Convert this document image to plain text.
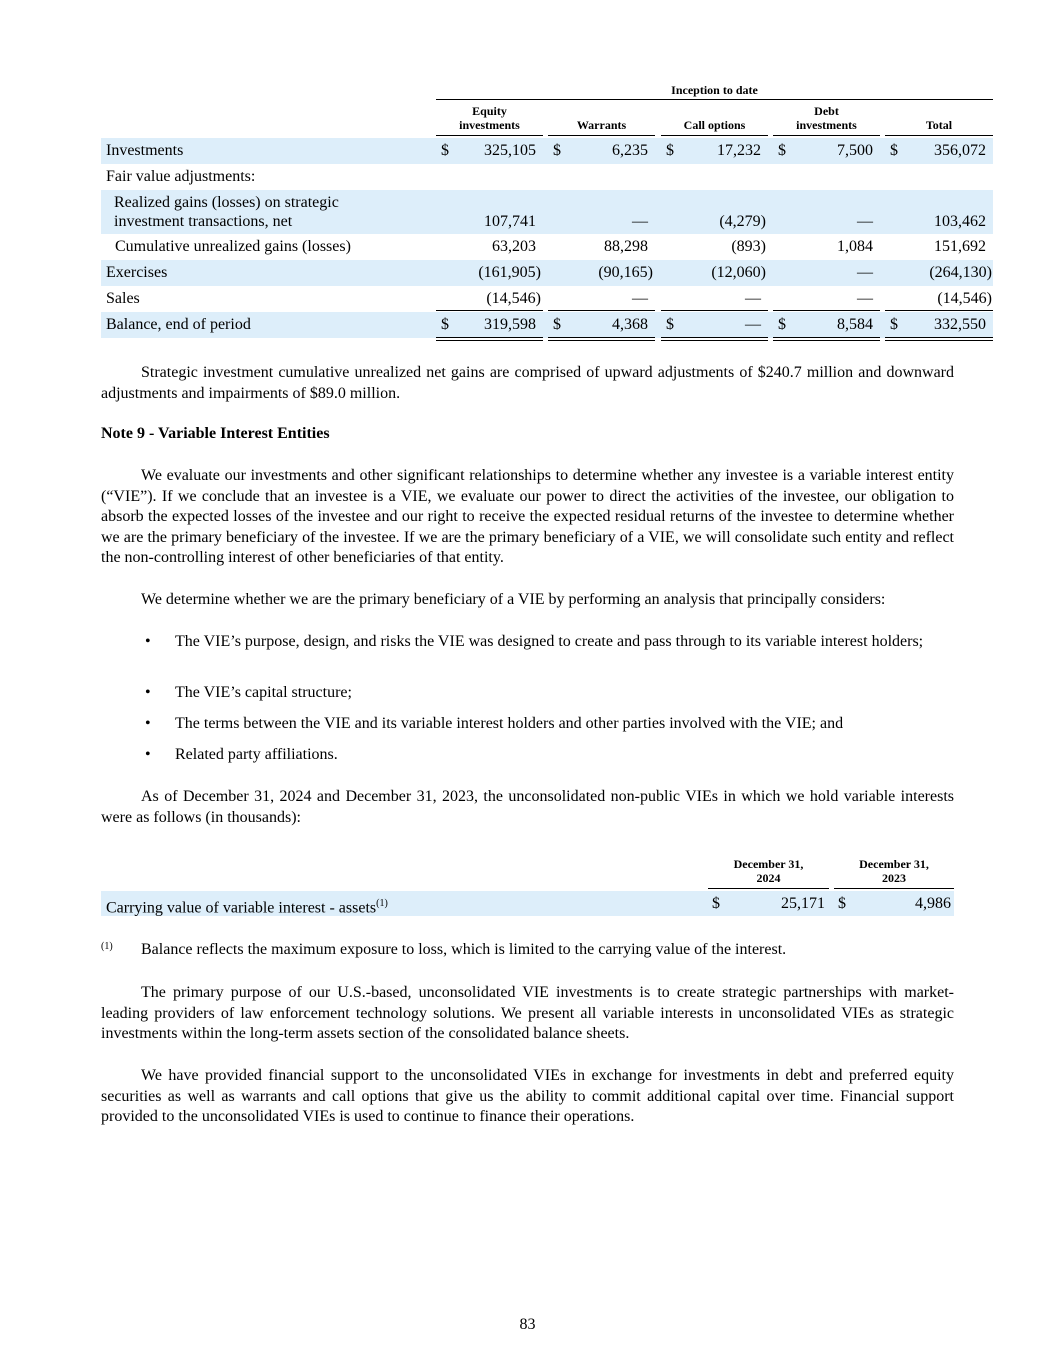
Inception to date
Equity
investments	Warrants	Call options
Debt
investments	Total
Investments	$	325,105 $	6,235 $	17,232 $	7,500 $	356,072
Fair value adjustments:
Realized gains (losses) on strategic
investment transactions, net	107,741	—	(4,279)	—	103,462
Cumulative unrealized gains (losses)	63,203	88,298	(893)	1,084	151,692
Exercises	(161,905)	(90,165)	(12,060)	—	(264,130)
Sales	(14,546)	—	—	—	(14,546)
Balance, end of period	$	319,598 $	4,368 $	— $	8,584 $	332,550

Strategic investment cumulative unrealized net gains are comprised of upward adjustments of $240.7 million and downward adjustments and impairments of $89.0 million.

Note 9 - Variable Interest Entities

We evaluate our investments and other significant relationships to determine whether any investee is a variable interest entity (“VIE”). If we conclude that an investee is a VIE, we evaluate our power to direct the activities of the investee, our obligation to absorb the expected losses of the investee and our right to receive the expected residual returns of the investee to determine whether we are the primary beneficiary of the investee. If we are the primary beneficiary of a VIE, we will consolidate such entity and reflect the non-controlling interest of other beneficiaries of that entity.

We determine whether we are the primary beneficiary of a VIE by performing an analysis that principally considers:

• The VIE’s purpose, design, and risks the VIE was designed to create and pass through to its variable interest holders;
• The VIE’s capital structure;
• The terms between the VIE and its variable interest holders and other parties involved with the VIE; and
• Related party affiliations.

As of December 31, 2024 and December 31, 2023, the unconsolidated non-public VIEs in which we hold variable interests were as follows (in thousands):

December 31,
2024
December 31,
2023
Carrying value of variable interest - assets$^{(1)}$	$	25,171 $	4,986
(1) Balance reflects the maximum exposure to loss, which is limited to the carrying value of the interest.

The primary purpose of our U.S.-based, unconsolidated VIE investments is to create strategic partnerships with market-leading providers of law enforcement technology solutions. We present all variable interests in unconsolidated VIEs as strategic investments within the long-term assets section of the consolidated balance sheets.

We have provided financial support to the unconsolidated VIEs in exchange for investments in debt and preferred equity securities as well as warrants and call options that give us the ability to commit additional capital over time. Financial support provided to the unconsolidated VIEs is used to continue to finance their operations.

83
